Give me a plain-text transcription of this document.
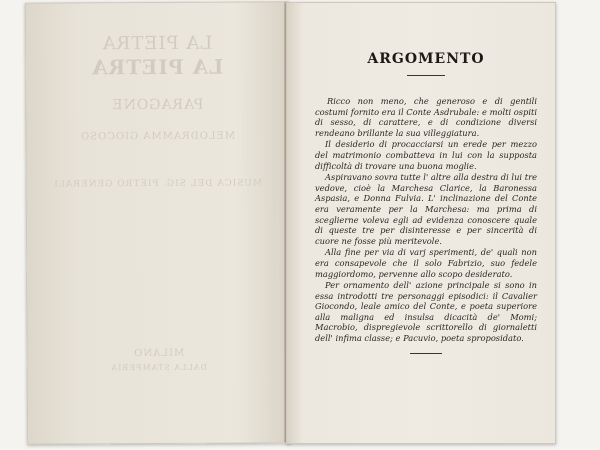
LA PIETRA
LA PIETRA
PARAGONE
MELODRAMMA GIOCOSO
MUSICA DEL SIG. PIETRO GENERALI
MILANO
DALLA STAMPERIA
ARGOMENTO

Ricco non meno, che generoso e di gentili costumi fornito era il Conte Asdrubale: e molti ospiti di sesso, di carattere, e di condizione diversi rendeano brillante la sua villeggiatura.

Il desiderio di procacciarsi un erede per mezzo del matrimonio combatteva in lui con la supposta difficoltà di trovare una buona moglie.

Aspiravano sovra tutte l' altre alla destra di lui tre vedove, cioè la Marchesa Clarice, la Baronessa Aspasia, e Donna Fulvia. L' inclinazione del Conte era veramente per la Marchesa: ma prima di sceglierne voleva egli ad evidenza conoscere quale di queste tre per disinteresse e per sincerità di cuore ne fosse più meritevole.

Alla fine per via di varj sperimenti, de' quali non era consapevole che il solo Fabrizio, suo fedele maggiordomo, pervenne allo scopo desiderato.

Per ornamento dell' azione principale si sono in essa introdotti tre personaggi episodici: il Cavalier Giocondo, leale amico del Conte, e poeta superiore alla maligna ed insulsa dicacità de' Momi; Macrobio, dispregievole scrittorello di giornaletti dell' infima classe; e Pacuvio, poeta sproposidato.
